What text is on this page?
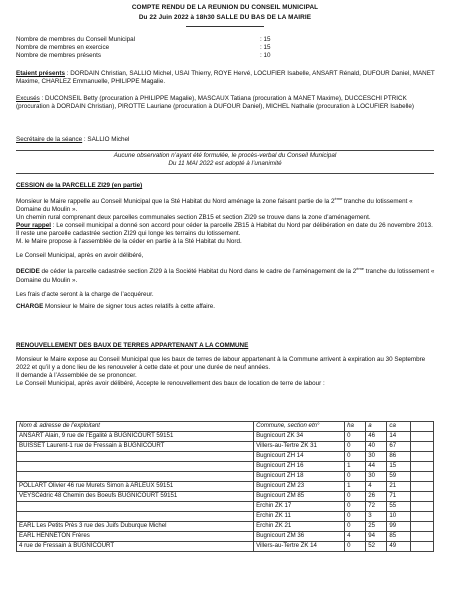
COMPTE RENDU DE LA REUNION DU CONSEIL MUNICIPAL
Du 22 Juin 2022 à 18h30 SALLE DU BAS DE LA MAIRIE
Nombre de membres du Conseil Municipal	: 15
Nombre de membres en exercice	: 15
Nombre de membres présents	: 10
Etaient présents : DORDAIN Christian, SALLIO Michel, USAI Thierry, ROYE Hervé, LOCUFIER Isabelle, ANSART Rénald, DUFOUR Daniel, MANET Maxime, CHARLEZ Emmanuelle, PHILIPPE Magalie.
Excusés : DUCONSEIL Betty (procuration à PHILIPPE Magalie), MASCAUX Tatiana (procuration à MANET Maxime), DUCCESCHI PTRICK (procuration à DORDAIN Christian), PIROTTE Lauriane (procuration à DUFOUR Daniel), MICHEL Nathalie (procuration à LOCUFIER Isabelle)
Secrétaire de la séance : SALLIO Michel

Aucune observation n’ayant été formulée, le procès-verbal du Conseil Municipal

Du 11 MAI 2022 est adopté à l’unanimité

CESSION de la PARCELLE ZI29 (en partie)

Monsieur le Maire rappelle au Conseil Municipal que la Sté Habitat du Nord aménage la zone faisant partie de la 2ème tranche du lotissement « Domaine du Moulin ».

Un chemin rural comprenant deux parcelles communales section ZB15 et section ZI29 se trouve dans la zone d’aménagement.

Pour rappel : Le conseil municipal a donné son accord pour céder la parcelle ZB15 à Habitat du Nord par délibération en date du 26 novembre 2013.

Il reste une parcelle cadastrée section ZI29 qui longe les terrains du lotissement.

M. le Maire propose à l’assemblée de la céder en partie à la Sté Habitat du Nord.

Le Conseil Municipal, après en avoir délibéré,

DECIDE de céder la parcelle cadastrée section ZI29 à la Société Habitat du Nord dans le cadre de l’aménagement de la 2ème tranche du lotissement « Domaine du Moulin ».

Les frais d’acte seront à la charge de l’acquéreur.

CHARGE Monsieur le Maire de signer tous actes relatifs à cette affaire.

RENOUVELLEMENT DES BAUX DE TERRES APPARTENANT A LA COMMUNE

Monsieur le Maire expose au Conseil Municipal que les baux de terres de labour appartenant à la Commune arrivent à expiration au 30 Septembre 2022 et qu’il y a donc lieu de les renouveler à cette date et pour une durée de neuf années.

Il demande à l’Assemblée de se prononcer.

Le Conseil Municipal, après avoir délibéré, Accepte le renouvellement des baux de location de terre de labour :

Nom & adresse de l’exploitant	Commune, section etn°	ha	a	ca	
ANSART Alain, 9 rue de l’Egalité à BUGNICOURT 59151	Bugnicourt ZK 34	0	46	14	
BUISSET Laurent-1 rue de Fressain à BUGNICOURT	Villers-au-Tertre ZK 31	0	40	67	
	Bugnicourt ZH 14	0	30	86	
	Bugnicourt ZH 16	1	44	15	
	Bugnicourt ZH 18	0	30	59	
POLLART Olivier 46 rue Murets Simon à ARLEUX 59151	Bugnicourt ZM 23	1	4	21	
VEYSCédric 48 Chemin des Boeufs BUGNICOURT 59151	Bugnicourt ZM 85	0	26	71	
	Erchin ZK 17	0	72	55	
	Erchin ZK 11	0	3	10	
EARL Les Petits Près 3 rue des Juifs Duburque Michel	Erchin ZK 21	0	25	99	
EARL HENNETON Frères	Bugnicourt ZM 36	4	94	85	
4 rue de Fressain à BUGNICOURT	Villers-au-Tertre ZK 14	0	52	49	
